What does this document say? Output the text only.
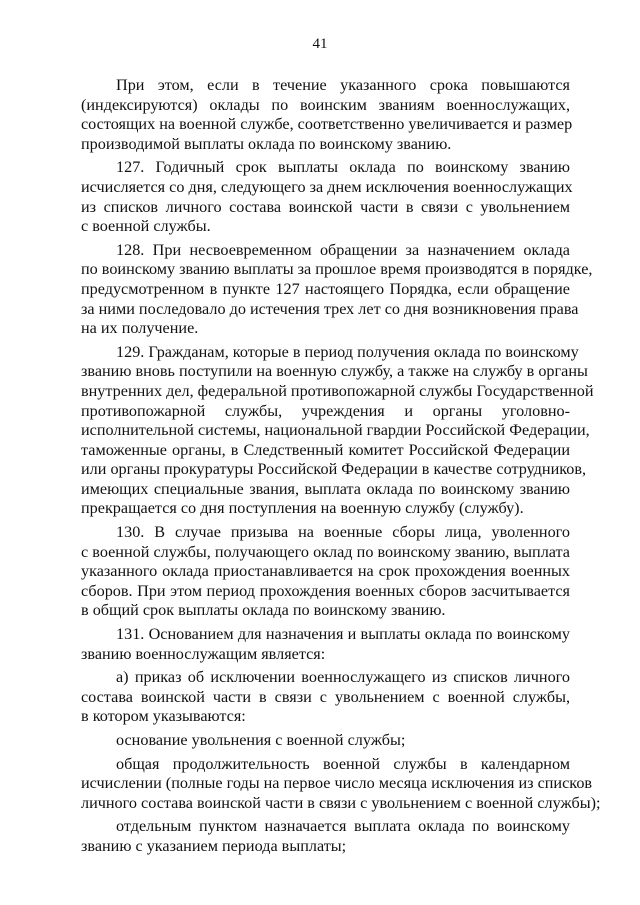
41
При этом, если в течение указанного срока повышаются
(индексируются) оклады по воинским званиям военнослужащих,
состоящих на военной службе, соответственно увеличивается и размер
производимой выплаты оклада по воинскому званию.
127. Годичный срок выплаты оклада по воинскому званию
исчисляется со дня, следующего за днем исключения военнослужащих
из списков личного состава воинской части в связи с увольнением
с военной службы.
128. При несвоевременном обращении за назначением оклада
по воинскому званию выплаты за прошлое время производятся в порядке,
предусмотренном в пункте 127 настоящего Порядка, если обращение
за ними последовало до истечения трех лет со дня возникновения права
на их получение.
129. Гражданам, которые в период получения оклада по воинскому
званию вновь поступили на военную службу, а также на службу в органы
внутренних дел, федеральной противопожарной службы Государственной
противопожарной службы, учреждения и органы уголовно-
исполнительной системы, национальной гвардии Российской Федерации,
таможенные органы, в Следственный комитет Российской Федерации
или органы прокуратуры Российской Федерации в качестве сотрудников,
имеющих специальные звания, выплата оклада по воинскому званию
прекращается со дня поступления на военную службу (службу).
130. В случае призыва на военные сборы лица, уволенного
с военной службы, получающего оклад по воинскому званию, выплата
указанного оклада приостанавливается на срок прохождения военных
сборов. При этом период прохождения военных сборов засчитывается
в общий срок выплаты оклада по воинскому званию.
131. Основанием для назначения и выплаты оклада по воинскому
званию военнослужащим является:
а) приказ об исключении военнослужащего из списков личного
состава воинской части в связи с увольнением с военной службы,
в котором указываются:
основание увольнения с военной службы;
общая продолжительность военной службы в календарном
исчислении (полные годы на первое число месяца исключения из списков
личного состава воинской части в связи с увольнением с военной службы);
отдельным пунктом назначается выплата оклада по воинскому
званию с указанием периода выплаты;
